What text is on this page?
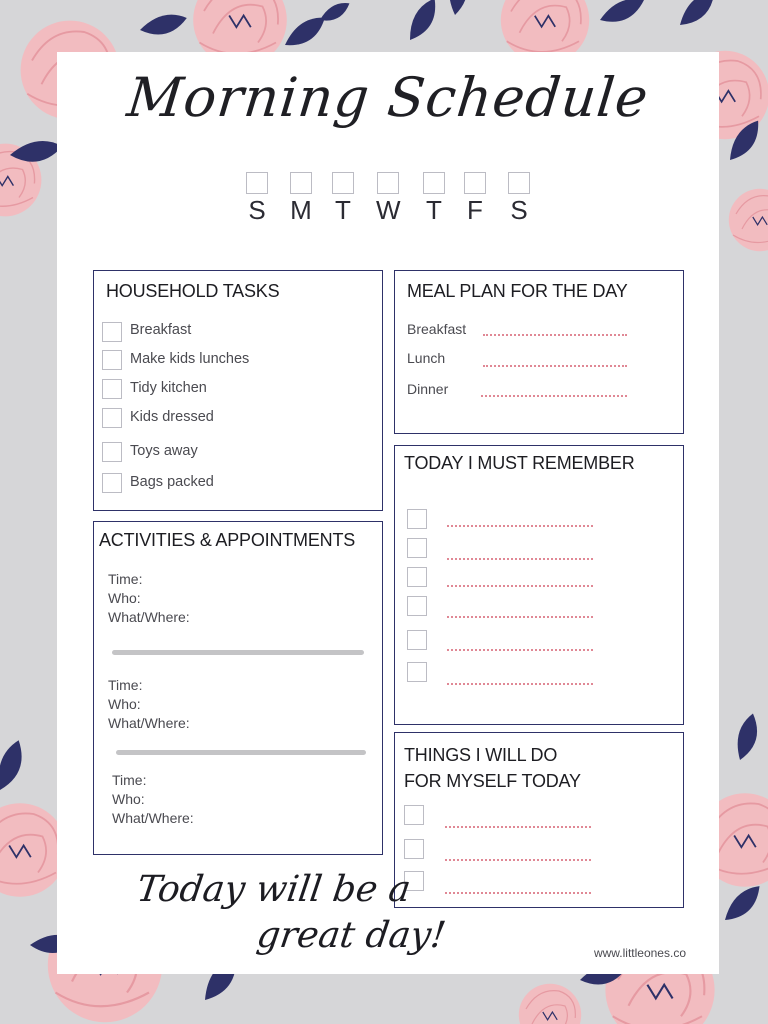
Morning Schedule
S M T W T F S
HOUSEHOLD TASKS
Breakfast
Make kids lunches
Tidy kitchen
Kids dressed
Toys away
Bags packed
MEAL PLAN FOR THE DAY
Breakfast
Lunch
Dinner
TODAY I MUST REMEMBER
ACTIVITIES & APPOINTMENTS
Time:
Who:
What/Where:
Time:
Who:
What/Where:
Time:
Who:
What/Where:
THINGS I WILL DO
FOR MYSELF TODAY
Today will be a
great day!	www.littleones.co
